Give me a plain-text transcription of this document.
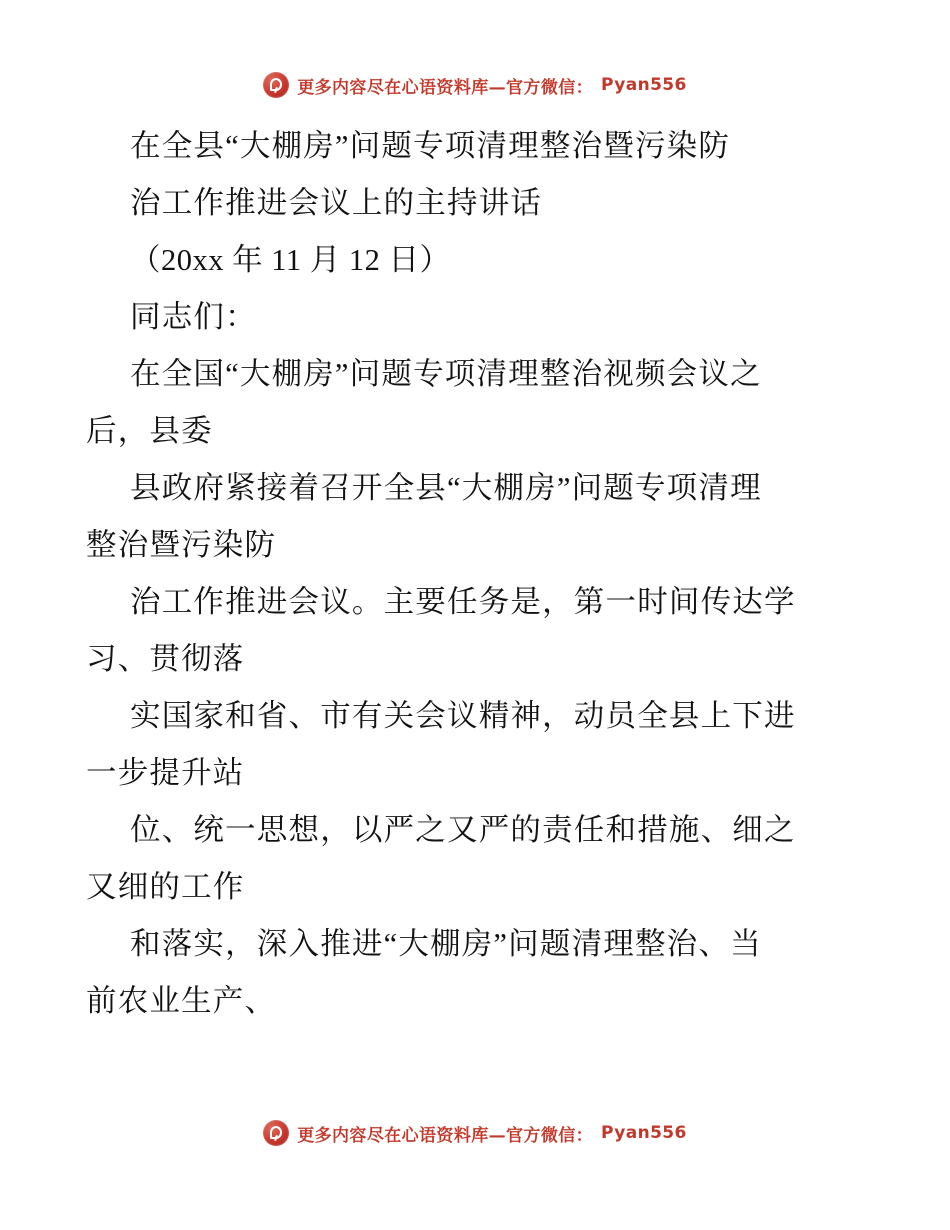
更多内容尽在心语资料库—官方微信： Pyan556
在全县“大棚房”问题专项清理整治暨污染防
治工作推进会议上的主持讲话
（20xx 年 11 月 12 日）
同志们：
在全国“大棚房”问题专项清理整治视频会议之
后，县委
县政府紧接着召开全县“大棚房”问题专项清理
整治暨污染防
治工作推进会议。主要任务是，第一时间传达学
习、贯彻落
实国家和省、市有关会议精神，动员全县上下进
一步提升站
位、统一思想，以严之又严的责任和措施、细之
又细的工作
和落实，深入推进“大棚房”问题清理整治、当
前农业生产、
更多内容尽在心语资料库—官方微信： Pyan556
